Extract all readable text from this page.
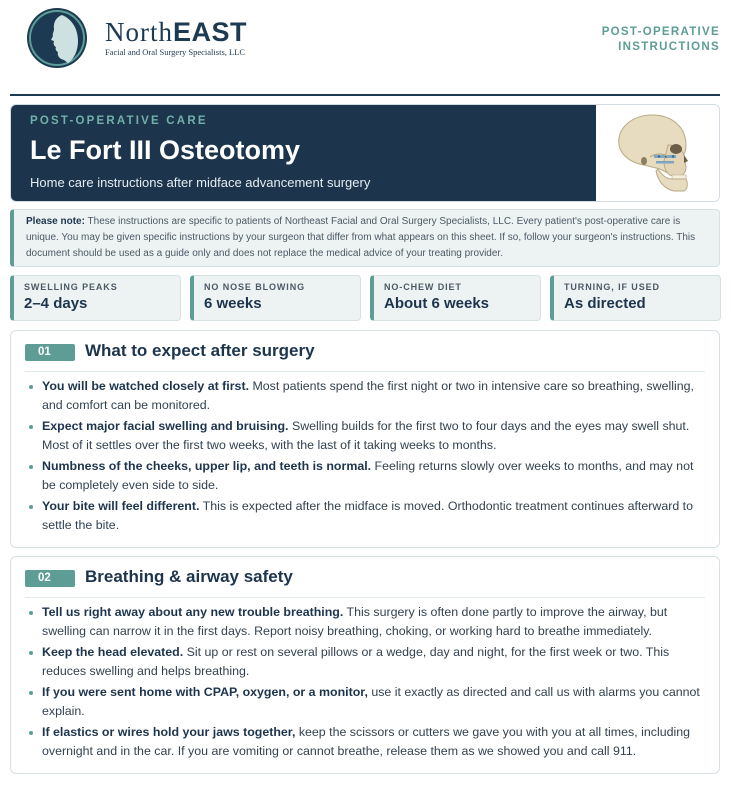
NorthEAST
Facial and Oral Surgery Specialists, LLC
POST-OPERATIVE
INSTRUCTIONS
POST-OPERATIVE CARE
Le Fort III Osteotomy
Home care instructions after midface advancement surgery
Please note: These instructions are specific to patients of Northeast Facial and Oral Surgery Specialists, LLC. Every patient's post-operative care is unique. You may be given specific instructions by your surgeon that differ from what appears on this sheet. If so, follow your surgeon's instructions. This document should be used as a guide only and does not replace the medical advice of your treating provider.
SWELLING PEAKS
2–4 days
NO NOSE BLOWING
6 weeks
NO-CHEW DIET
About 6 weeks
TURNING, IF USED
As directed
01	What to expect after surgery
You will be watched closely at first. Most patients spend the first night or two in intensive care so breathing, swelling, and comfort can be monitored.
Expect major facial swelling and bruising. Swelling builds for the first two to four days and the eyes may swell shut. Most of it settles over the first two weeks, with the last of it taking weeks to months.
Numbness of the cheeks, upper lip, and teeth is normal. Feeling returns slowly over weeks to months, and may not be completely even side to side.
Your bite will feel different. This is expected after the midface is moved. Orthodontic treatment continues afterward to settle the bite.
02	Breathing & airway safety
Tell us right away about any new trouble breathing. This surgery is often done partly to improve the airway, but swelling can narrow it in the first days. Report noisy breathing, choking, or working hard to breathe immediately.
Keep the head elevated. Sit up or rest on several pillows or a wedge, day and night, for the first week or two. This reduces swelling and helps breathing.
If you were sent home with CPAP, oxygen, or a monitor, use it exactly as directed and call us with alarms you cannot explain.
If elastics or wires hold your jaws together, keep the scissors or cutters we gave you with you at all times, including overnight and in the car. If you are vomiting or cannot breathe, release them as we showed you and call 911.
